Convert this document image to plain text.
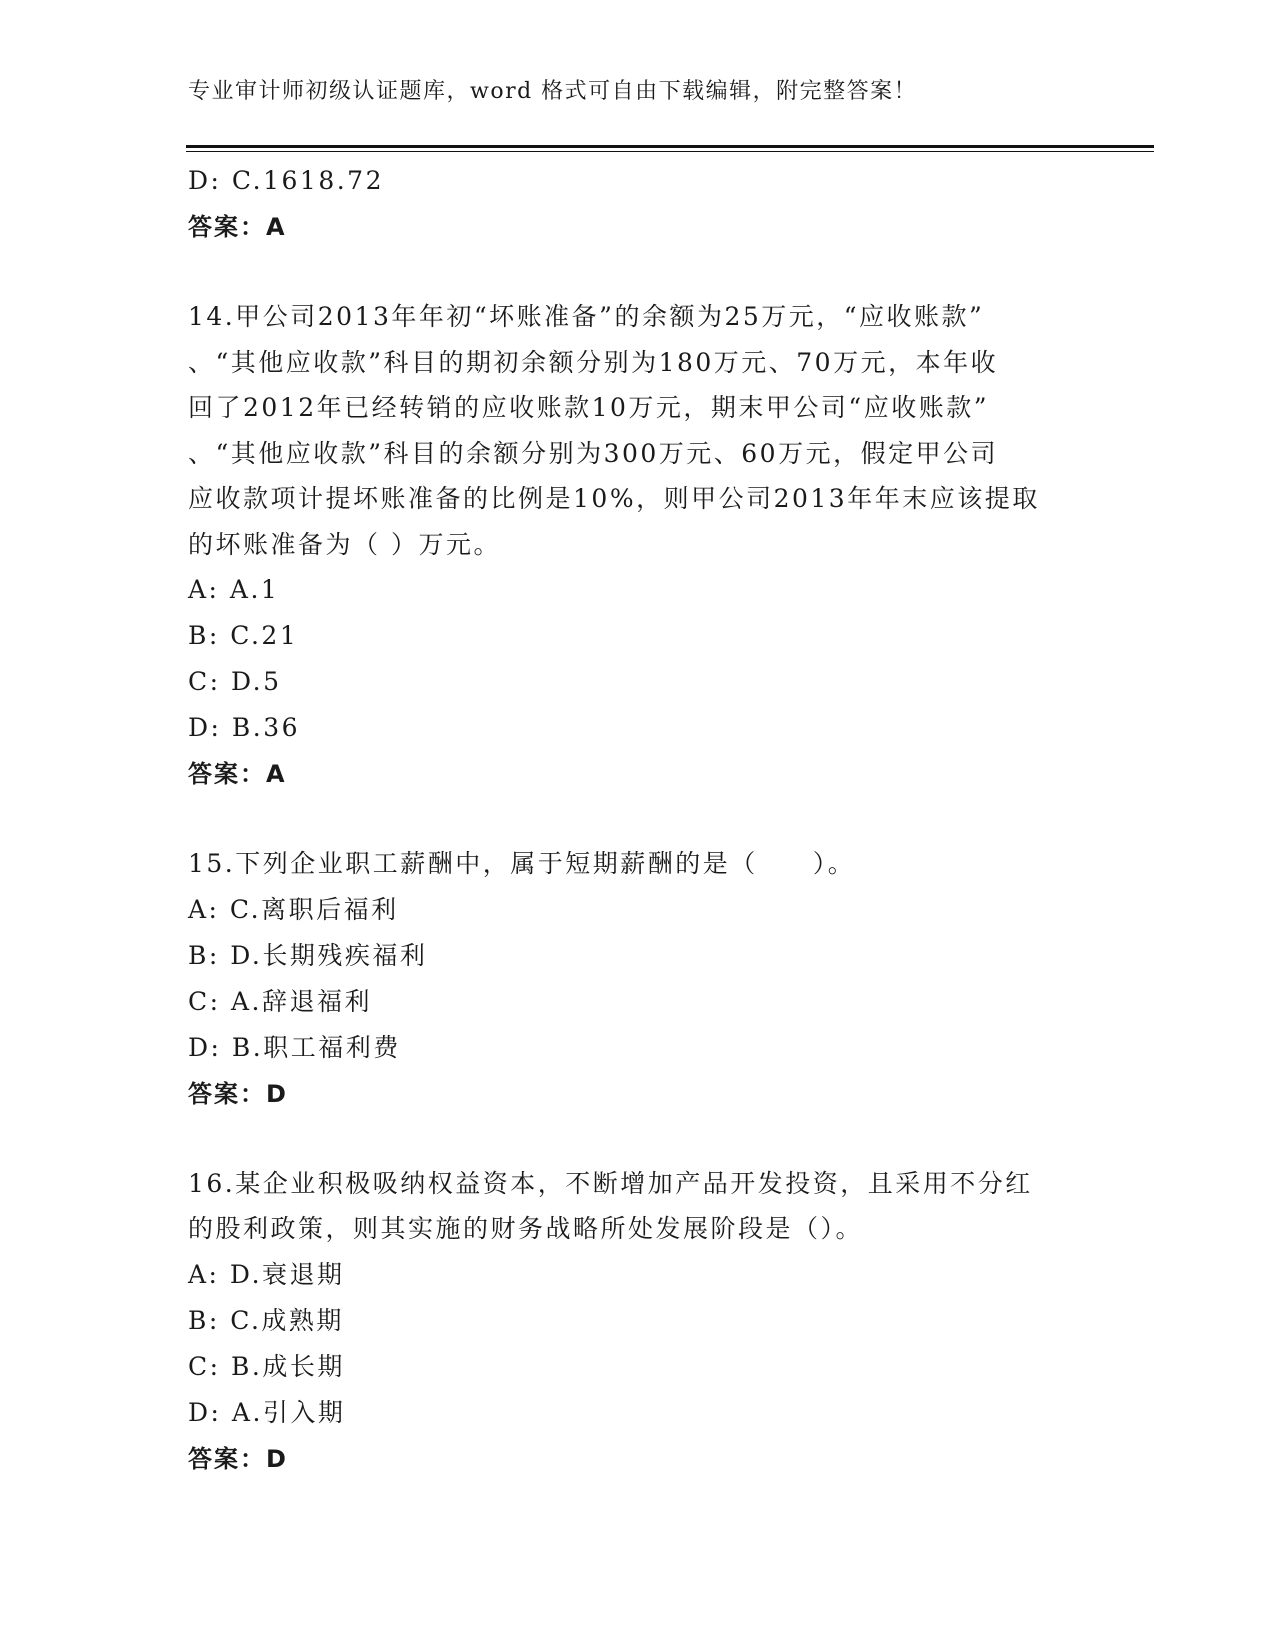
专业审计师初级认证题库，word 格式可自由下载编辑，附完整答案！
D: C.1618.72
答案：A
14.甲公司2013年年初“坏账准备”的余额为25万元，“应收账款”
、“其他应收款”科目的期初余额分别为180万元、70万元，本年收
回了2012年已经转销的应收账款10万元，期末甲公司“应收账款”
、“其他应收款”科目的余额分别为300万元、60万元，假定甲公司
应收款项计提坏账准备的比例是10%，则甲公司2013年年末应该提取
的坏账准备为（ ）万元。
A: A.1
B: C.21
C: D.5
D: B.36
答案：A
15.下列企业职工薪酬中，属于短期薪酬的是（　　）。
A: C.离职后福利
B: D.长期残疾福利
C: A.辞退福利
D: B.职工福利费
答案：D
16.某企业积极吸纳权益资本，不断增加产品开发投资，且采用不分红
的股利政策，则其实施的财务战略所处发展阶段是（）。
A: D.衰退期
B: C.成熟期
C: B.成长期
D: A.引入期
答案：D
